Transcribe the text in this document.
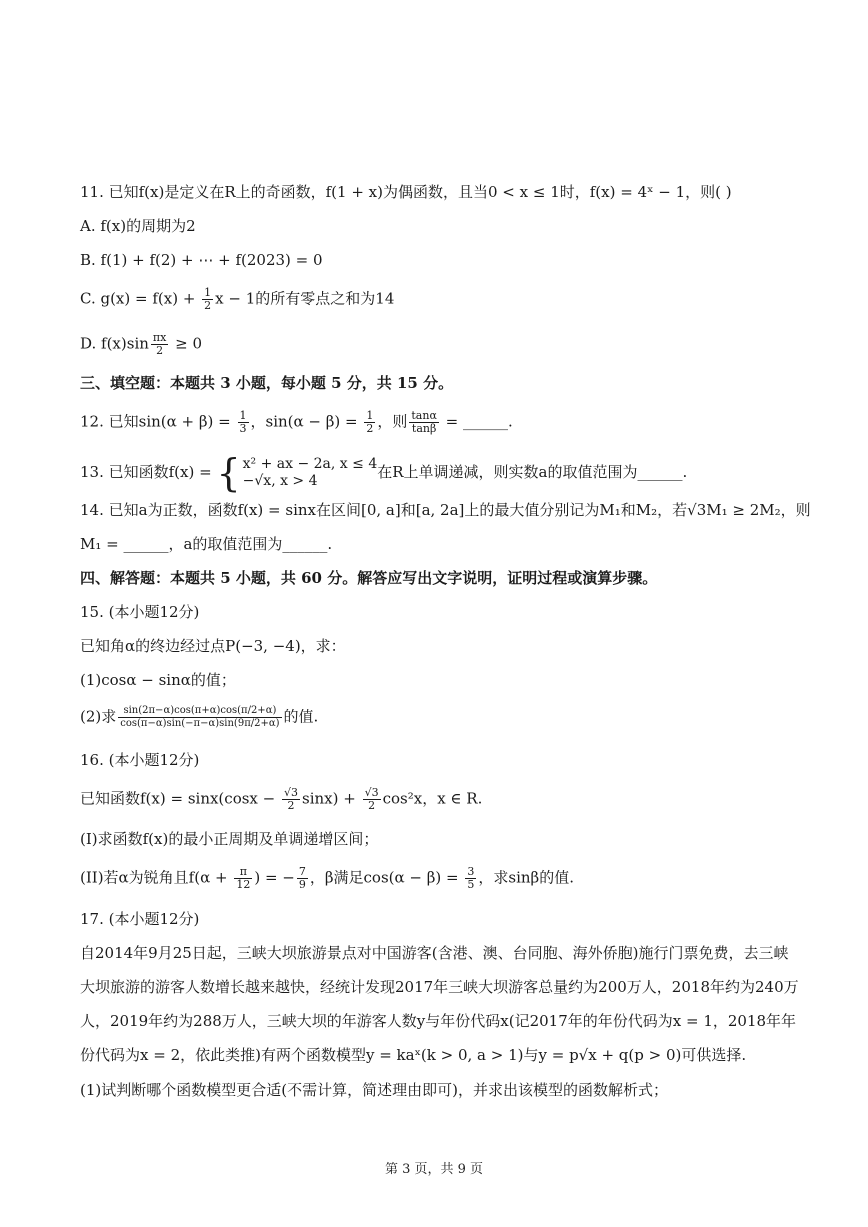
11. 已知f(x)是定义在R上的奇函数，f(1 + x)为偶函数，且当0 < x ≤ 1时，f(x) = 4ˣ − 1，则( )
A. f(x)的周期为2
B. f(1) + f(2) + ⋯ + f(2023) = 0
C. $g(x) = f(x) + \frac{1}{2}$ x − 1的所有零点之和为14
D. $f(x)\sin \frac{\pi x}{2} \ge 0$
三、填空题：本题共 3 小题，每小题 5 分，共 15 分。
12. 已知$\sin(\alpha + \beta) = \frac{1}{3}$ ，$\sin(\alpha - \beta) = \frac{1}{2}$ ，则 $\frac{\tan\alpha}{\tan\beta}$ = ______.
13. 已知函数f(x) = { x² + ax − 2a, x ≤ 4
−√x, x > 4	在R上单调递减，则实数a的取值范围为______.
14. 已知a为正数，函数f(x) = sinx在区间[0, a]和[a, 2a]上的最大值分别记为M₁和M₂，若√3M₁ ≥ 2M₂，则
M₁ = ______，a的取值范围为______.
四、解答题：本题共 5 小题，共 60 分。解答应写出文字说明，证明过程或演算步骤。
15. (本小题12分)
已知角α的终边经过点P(−3, −4)，求：
(1)cosα − sinα的值；
(2)求 $\frac{\sin(2\pi-\alpha)\cos(\pi+\alpha)\cos(\pi/2+\alpha)}{\cos(\pi-\alpha)\sin(-\pi-\alpha)\sin(9\pi/2+\alpha)}$ 的值.
16. (本小题12分)
已知函数$f(x) = \sin x(\cos x - \frac{√3}{2} \sin x) + \frac{√3}{2} \cos^2x$，x ∈ R.
(I)求函数f(x)的最小正周期及单调递增区间；
(II)若α为锐角且$f(\alpha + \frac{\pi}{12}$ ) = − $\frac{7}{9}$ ，β满足$\cos(\alpha - \beta) = \frac{3}{5}$ ，求sinβ的值.
17. (本小题12分)
自2014年9月25日起，三峡大坝旅游景点对中国游客(含港、澳、台同胞、海外侨胞)施行门票免费，去三峡
大坝旅游的游客人数增长越来越快，经统计发现2017年三峡大坝游客总量约为200万人，2018年约为240万
人，2019年约为288万人，三峡大坝的年游客人数y与年份代码x(记2017年的年份代码为x = 1，2018年年
份代码为x = 2，依此类推)有两个函数模型y = kaˣ(k > 0, a > 1)与y = p√x + q(p > 0)可供选择.
(1)试判断哪个函数模型更合适(不需计算，简述理由即可)，并求出该模型的函数解析式；
第 3 页，共 9 页
